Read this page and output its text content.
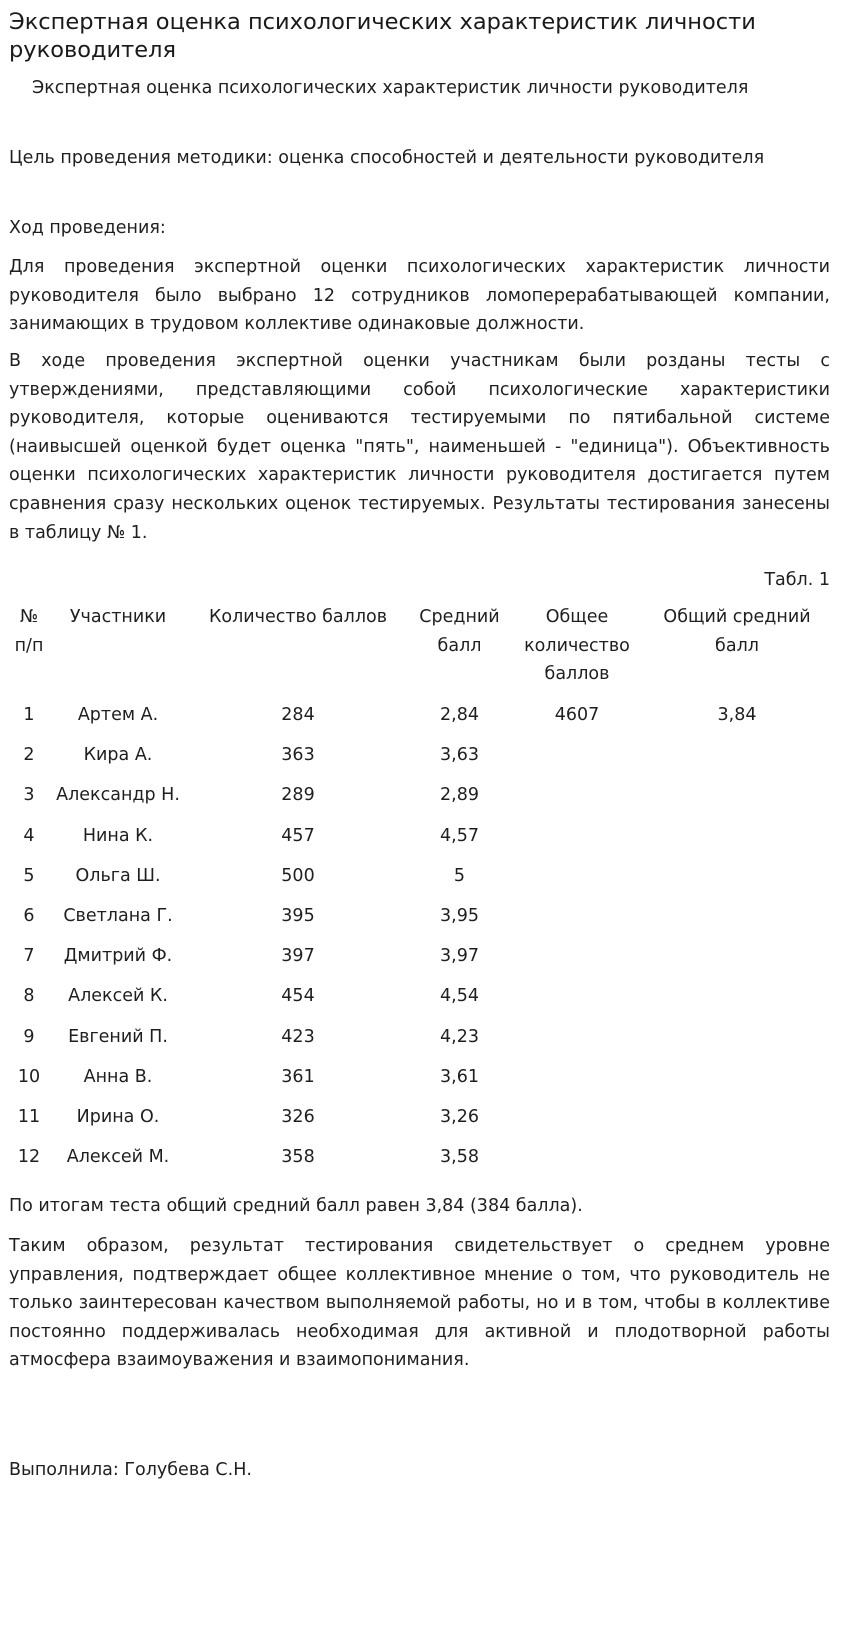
Экспертная оценка психологических характеристик личности руководителя
Экспертная оценка психологических характеристик личности руководителя
Цель проведения методики: оценка способностей и деятельности руководителя
Ход проведения:
Для проведения экспертной оценки психологических характеристик личности руководителя было выбрано 12 сотрудников ломоперерабатывающей компании, занимающих в трудовом коллективе одинаковые должности.
В ходе проведения экспертной оценки участникам были розданы тесты с утверждениями, представляющими собой психологические характеристики руководителя, которые оцениваются тестируемыми по пятибальной системе (наивысшей оценкой будет оценка "пять", наименьшей - "единица"). Объективность оценки психологических характеристик личности руководителя достигается путем сравнения сразу нескольких оценок тестируемых. Результаты тестирования занесены в таблицу № 1.
Табл. 1
№ п/п	Участники	Количество баллов	Средний балл	Общее количество баллов	Общий средний балл
1	Артем А.	284	2,84	4607	3,84
2	Кира А.	363	3,63		
3	Александр Н.	289	2,89		
4	Нина К.	457	4,57		
5	Ольга Ш.	500	5		
6	Светлана Г.	395	3,95		
7	Дмитрий Ф.	397	3,97		
8	Алексей К.	454	4,54		
9	Евгений П.	423	4,23		
10	Анна В.	361	3,61		
11	Ирина О.	326	3,26		
12	Алексей М.	358	3,58		
По итогам теста общий средний балл равен 3,84 (384 балла).
Таким образом, результат тестирования свидетельствует о среднем уровне управления, подтверждает общее коллективное мнение о том, что руководитель не только заинтересован качеством выполняемой работы, но и в том, чтобы в коллективе постоянно поддерживалась необходимая для активной и плодотворной работы атмосфера взаимоуважения и взаимопонимания.
Выполнила: Голубева С.Н.
